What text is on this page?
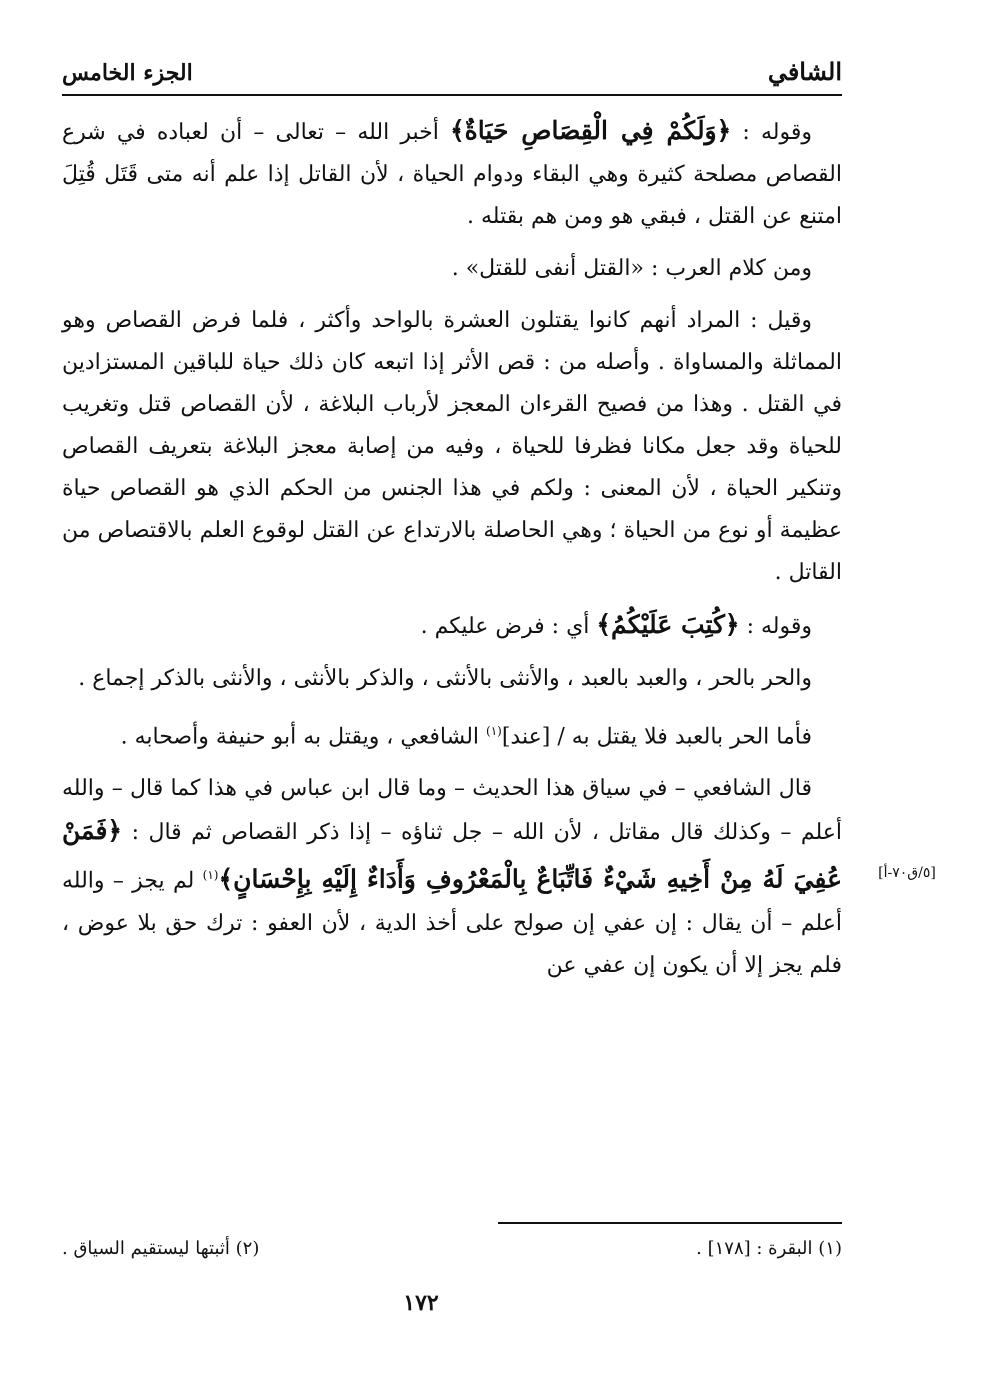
الجزء الخامس	الشافي

وقوله : ﴿وَلَكُمْ فِي الْقِصَاصِ حَيَاةٌ﴾ أخبر الله – تعالى – أن لعباده في شرع القصاص مصلحة كثيرة وهي البقاء ودوام الحياة ، لأن القاتل إذا علم أنه متى قَتَل قُتِلَ امتنع عن القتل ، فبقي هو ومن هم بقتله .

ومن كلام العرب : «القتل أنفى للقتل» .

وقيل : المراد أنهم كانوا يقتلون العشرة بالواحد وأكثر ، فلما فرض القصاص وهو المماثلة والمساواة . وأصله من : قص الأثر إذا اتبعه كان ذلك حياة للباقين المستزادين في القتل . وهذا من فصيح القرءان المعجز لأرباب البلاغة ، لأن القصاص قتل وتغريب للحياة وقد جعل مكانا فظرفا للحياة ، وفيه من إصابة معجز البلاغة بتعريف القصاص وتنكير الحياة ، لأن المعنى : ولكم في هذا الجنس من الحكم الذي هو القصاص حياة عظيمة أو نوع من الحياة ؛ وهي الحاصلة بالارتداع عن القتل لوقوع العلم بالاقتصاص من القاتل .

وقوله : ﴿كُتِبَ عَلَيْكُمُ﴾ أي : فرض عليكم .

والحر بالحر ، والعبد بالعبد ، والأنثى بالأنثى ، والذكر بالأنثى ، والأنثى بالذكر إجماع .

فأما الحر بالعبد فلا يقتل به / [عند]$^{(١)}$ الشافعي ، ويقتل به أبو حنيفة وأصحابه .

قال الشافعي – في سياق هذا الحديث – وما قال ابن عباس في هذا كما قال – والله أعلم – وكذلك قال مقاتل ، لأن الله – جل ثناؤه – إذا ذكر القصاص ثم قال : ﴿فَمَنْ عُفِيَ لَهُ مِنْ أَخِيهِ شَيْءٌ فَاتِّبَاعٌ بِالْمَعْرُوفِ وَأَدَاءٌ إِلَيْهِ بِإِحْسَانٍ﴾$^{(١)}$ لم يجز – والله أعلم – أن يقال : إن عفي إن صولح على أخذ الدية ، لأن العفو : ترك حق بلا عوض ، فلم يجز إلا أن يكون إن عفي عن

[٥/ق٧٠-أ]
(١) البقرة : [١٧٨] .
(٢) أثبتها ليستقيم السياق .
١٧٢
